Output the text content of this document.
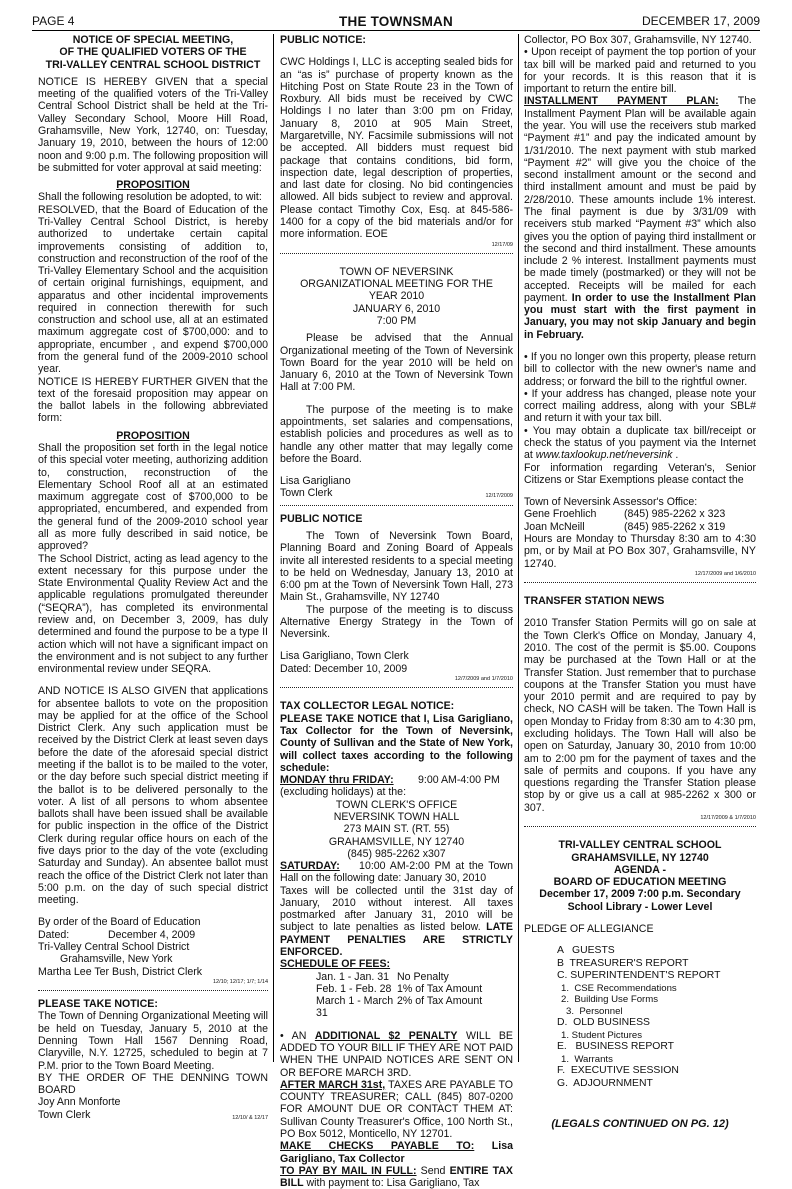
PAGE 4	THE TOWNSMAN	DECEMBER 17, 2009

NOTICE OF SPECIAL MEETING,

OF THE QUALIFIED VOTERS OF THE

TRI-VALLEY CENTRAL SCHOOL DISTRICT

NOTICE IS HEREBY GIVEN that a special meeting of the qualified voters of the Tri-Valley Central School District shall be held at the Tri-Valley Secondary School, Moore Hill Road, Grahamsville, New York, 12740, on: Tuesday, January 19, 2010, between the hours of 12:00 noon and 9:00 p.m. The following proposition will be submitted for voter approval at said meeting:

PROPOSITION

Shall the following resolution be adopted, to wit:

RESOLVED, that the Board of Education of the Tri-Valley Central School District, is hereby authorized to undertake certain capital improvements consisting of addition to, construction and reconstruction of the roof of the Tri-Valley Elementary School and the acquisition of certain original furnishings, equipment, and apparatus and other incidental improvements required in connection therewith for such construction and school use, all at an estimated maximum aggregate cost of $700,000: and to appropriate, encumber , and expend $700,000 from the general fund of the 2009-2010 school year.

NOTICE IS HEREBY FURTHER GIVEN that the text of the foresaid proposition may appear on the ballot labels in the following abbreviated form:

PROPOSITION

Shall the proposition set forth in the legal notice of this special voter meeting, authorizing addition to, construction, reconstruction of the Elementary School Roof all at an estimated maximum aggregate cost of $700,000 to be appropriated, encumbered, and expended from the general fund of the 2009-2010 school year all as more fully described in said notice, be approved?

The School District, acting as lead agency to the extent necessary for this purpose under the State Environmental Quality Review Act and the applicable regulations promulgated thereunder (“SEQRA”), has completed its environmental review and, on December 3, 2009, has duly determined and found the purpose to be a type II action which will not have a significant impact on the environment and is not subject to any further environmental review under SEQRA.

AND NOTICE IS ALSO GIVEN that applications for absentee ballots to vote on the proposition may be applied for at the office of the School District Clerk. Any such application must be received by the District Clerk at least seven days before the date of the aforesaid special district meeting if the ballot is to be mailed to the voter, or the day before such special district meeting if the ballot is to be delivered personally to the voter. A list of all persons to whom absentee ballots shall have been issued shall be available for public inspection in the office of the District Clerk during regular office hours on each of the five days prior to the day of the vote (excluding Saturday and Sunday). An absentee ballot must reach the office of the District Clerk not later than 5:00 p.m. on the day of such special district meeting.

By order of the Board of Education

Dated:	December 4, 2009

Tri-Valley Central School District

Grahamsville, New York

Martha Lee Ter Bush, District Clerk

12/10; 12/17; 1/7; 1/14

PLEASE TAKE NOTICE:

The Town of Denning Organizational Meeting will be held on Tuesday, January 5, 2010 at the Denning Town Hall 1567 Denning Road, Claryville, N.Y. 12725, scheduled to begin at 7 P.M. prior to the Town Board Meeting.

BY THE ORDER OF THE DENNING TOWN BOARD

Joy Ann Monforte

Town Clerk	12/10/ & 12/17

PUBLIC NOTICE:

CWC Holdings I, LLC is accepting sealed bids for an “as is” purchase of property known as the Hitching Post on State Route 23 in the Town of Roxbury. All bids must be received by CWC Holdings I no later than 3:00 pm on Friday, January 8, 2010 at 905 Main Street, Margaretville, NY. Facsimile submissions will not be accepted. All bidders must request bid package that contains conditions, bid form, inspection date, legal description of properties, and last date for closing. No bid contingencies allowed. All bids subject to review and approval. Please contact Timothy Cox, Esq. at 845-586-1400 for a copy of the bid materials and/or for more information. EOE

12/17/09

TOWN OF NEVERSINK

ORGANIZATIONAL MEETING FOR THE

YEAR 2010

JANUARY 6, 2010

7:00 PM

Please be advised that the Annual Organizational meeting of the Town of Neversink Town Board for the year 2010 will be held on January 6, 2010 at the Town of Neversink Town Hall at 7:00 PM.

The purpose of the meeting is to make appointments, set salaries and compensations, establish policies and procedures as well as to handle any other matter that may legally come before the Board.

Lisa Garigliano

Town Clerk	12/17/2009

PUBLIC NOTICE

The Town of Neversink Town Board, Planning Board and Zoning Board of Appeals invite all interested residents to a special meeting to be held on Wednesday, January 13, 2010 at 6:00 pm at the Town of Neversink Town Hall, 273 Main St., Grahamsville, NY 12740

The purpose of the meeting is to discuss Alternative Energy Strategy in the Town of Neversink.

Lisa Garigliano, Town Clerk

Dated: December 10, 2009

12/7/2009 and 1/7/2010

TAX COLLECTOR LEGAL NOTICE:

PLEASE TAKE NOTICE that I, Lisa Garigliano, Tax Collector for the Town of Neversink, County of Sullivan and the State of New York, will collect taxes according to the following schedule:

MONDAY thru FRIDAY:	9:00 AM-4:00 PM

(excluding holidays) at the:

TOWN CLERK'S OFFICE

NEVERSINK TOWN HALL

273 MAIN ST. (RT. 55)

GRAHAMSVILLE, NY 12740

(845) 985-2262 x307

SATURDAY: 10:00 AM-2:00 PM at the Town Hall on the following date: January 30, 2010

Taxes will be collected until the 31st day of January, 2010 without interest. All taxes postmarked after January 31, 2010 will be subject to late penalties as listed below. LATE PAYMENT PENALTIES ARE STRICTLY ENFORCED.

SCHEDULE OF FEES:

Jan. 1 - Jan. 31 No Penalty
Feb. 1 - Feb. 28 1% of Tax Amount
March 1 - March 31
2% of Tax Amount

• AN ADDITIONAL $2 PENALTY WILL BE ADDED TO YOUR BILL IF THEY ARE NOT PAID WHEN THE UNPAID NOTICES ARE SENT ON OR BEFORE MARCH 3RD.

AFTER MARCH 31st, TAXES ARE PAYABLE TO COUNTY TREASURER; CALL (845) 807-0200 FOR AMOUNT DUE OR CONTACT THEM AT: Sullivan County Treasurer's Office, 100 North St., PO Box 5012, Monticello, NY 12701.

MAKE CHECKS PAYABLE TO: Lisa Garigliano, Tax Collector

TO PAY BY MAIL IN FULL: Send ENTIRE TAX BILL with payment to: Lisa Garigliano, Tax

Collector, PO Box 307, Grahamsville, NY 12740.

• Upon receipt of payment the top portion of your tax bill will be marked paid and returned to you for your records. It is this reason that it is important to return the entire bill.

INSTALLMENT PAYMENT PLAN: The Installment Payment Plan will be available again the year. You will use the receivers stub marked “Payment #1” and pay the indicated amount by 1/31/2010. The next payment with stub marked “Payment #2” will give you the choice of the second installment amount or the second and third installment amount and must be paid by 2/28/2010. These amounts include 1% interest. The final payment is due by 3/31/09 with receivers stub marked “Payment #3” which also gives you the option of paying third installment or the second and third installment. These amounts include 2 % interest. Installment payments must be made timely (postmarked) or they will not be accepted. Receipts will be mailed for each payment. In order to use the Installment Plan you must start with the first payment in January, you may not skip January and begin in February.

• If you no longer own this property, please return bill to collector with the new owner's name and address; or forward the bill to the rightful owner.

• If your address has changed, please note your correct mailing address, along with your SBL# and return it with your tax bill.

• You may obtain a duplicate tax bill/receipt or check the status of you payment via the Internet at www.taxlookup.net/neversink .

For information regarding Veteran's, Senior Citizens or Star Exemptions please contact the

Town of Neversink Assessor's Office:

Gene Froehlich	(845) 985-2262 x 323
Joan McNeill	(845) 985-2262 x 319

Hours are Monday to Thursday 8:30 am to 4:30 pm, or by Mail at PO Box 307, Grahamsville, NY 12740.

12/17/2009 and 1/6/2010

TRANSFER STATION NEWS

2010 Transfer Station Permits will go on sale at the Town Clerk's Office on Monday, January 4, 2010. The cost of the permit is $5.00. Coupons may be purchased at the Town Hall or at the Transfer Station. Just remember that to purchase coupons at the Transfer Station you must have your 2010 permit and are required to pay by check, NO CASH will be taken. The Town Hall is open Monday to Friday from 8:30 am to 4:30 pm, excluding holidays. The Town Hall will also be open on Saturday, January 30, 2010 from 10:00 am to 2:00 pm for the payment of taxes and the sale of permits and coupons. If you have any questions regarding the Transfer Station please stop by or give us a call at 985-2262 x 300 or 307.

12/17/2009 & 1/7/2010

TRI-VALLEY CENTRAL SCHOOL

GRAHAMSVILLE, NY 12740

AGENDA -

BOARD OF EDUCATION MEETING

December 17, 2009 7:00 p.m. Secondary

School Library - Lower Level

PLEDGE OF ALLEGIANCE

A   GUESTS
B  TREASURER'S REPORT
C. SUPERINTENDENT'S REPORT
1.  CSE Recommendations
2.  Building Use Forms
3.  Personnel
D.  OLD BUSINESS
1. Student Pictures
E.   BUSINESS REPORT
1.  Warrants
F.  EXECUTIVE SESSION
G.  ADJOURNMENT

(LEGALS CONTINUED ON PG. 12)
